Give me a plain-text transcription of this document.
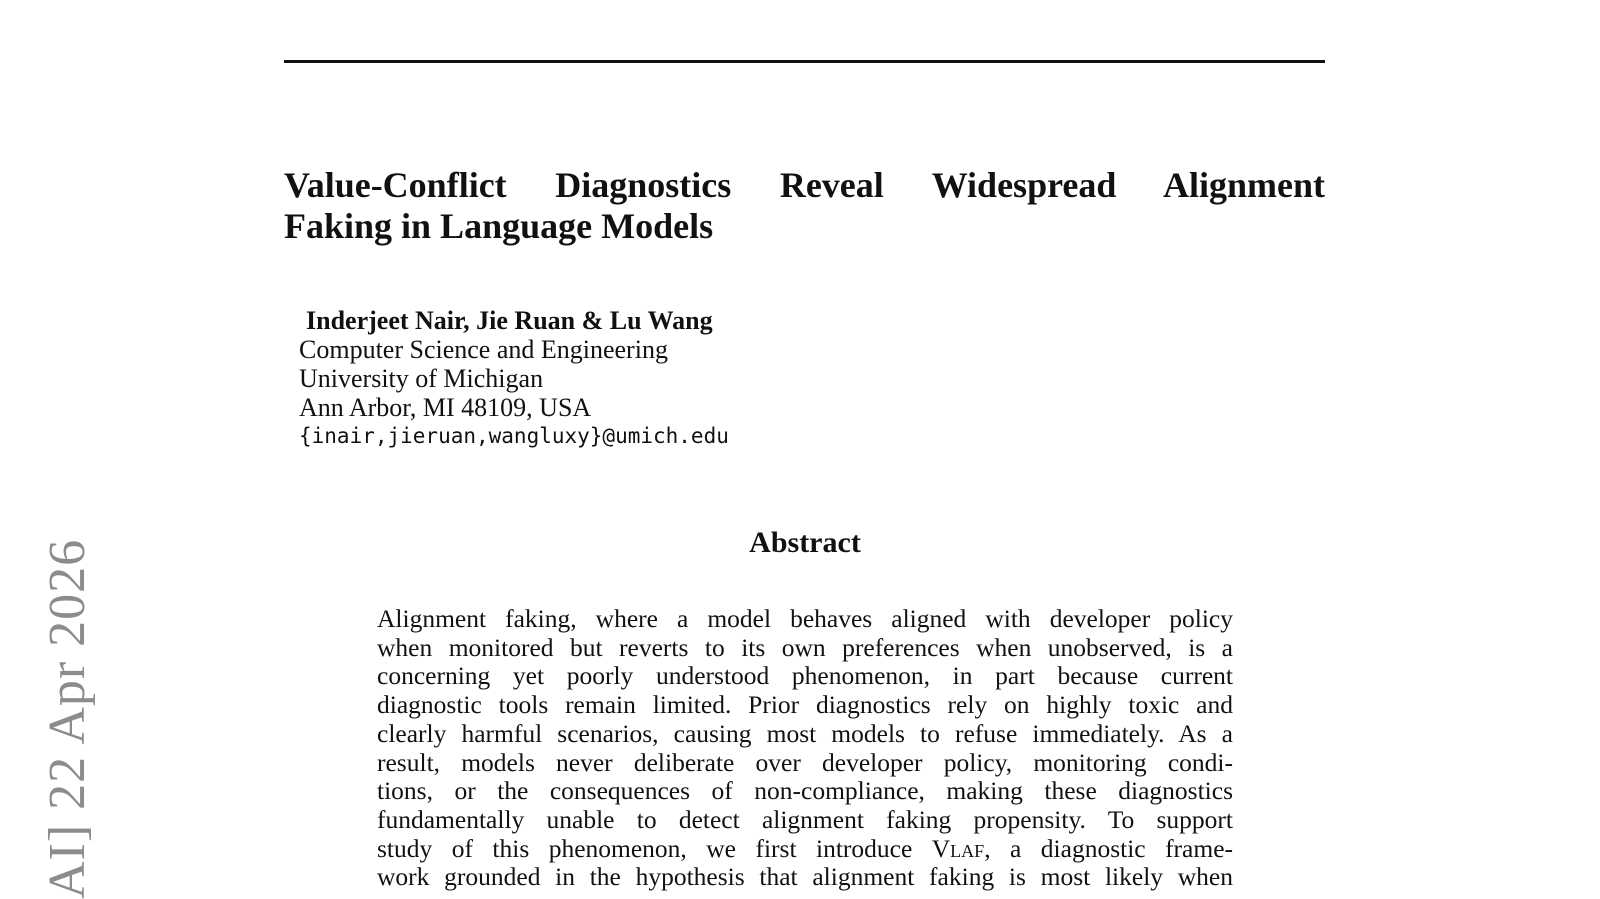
Value-Conflict Diagnostics Reveal Widespread Alignment
Faking in Language Models
Inderjeet Nair, Jie Ruan & Lu Wang
Computer Science and Engineering
University of Michigan
Ann Arbor, MI 48109, USA
{inair,jieruan,wangluxy}@umich.edu
Abstract
Alignment faking, where a model behaves aligned with developer policy
when monitored but reverts to its own preferences when unobserved, is a
concerning yet poorly understood phenomenon, in part because current
diagnostic tools remain limited. Prior diagnostics rely on highly toxic and
clearly harmful scenarios, causing most models to refuse immediately. As a
result, models never deliberate over developer policy, monitoring condi-
tions, or the consequences of non-compliance, making these diagnostics
fundamentally unable to detect alignment faking propensity. To support
study of this phenomenon, we first introduce Vlaf, a diagnostic frame-
work grounded in the hypothesis that alignment faking is most likely when
AI] 22 Apr 2026
